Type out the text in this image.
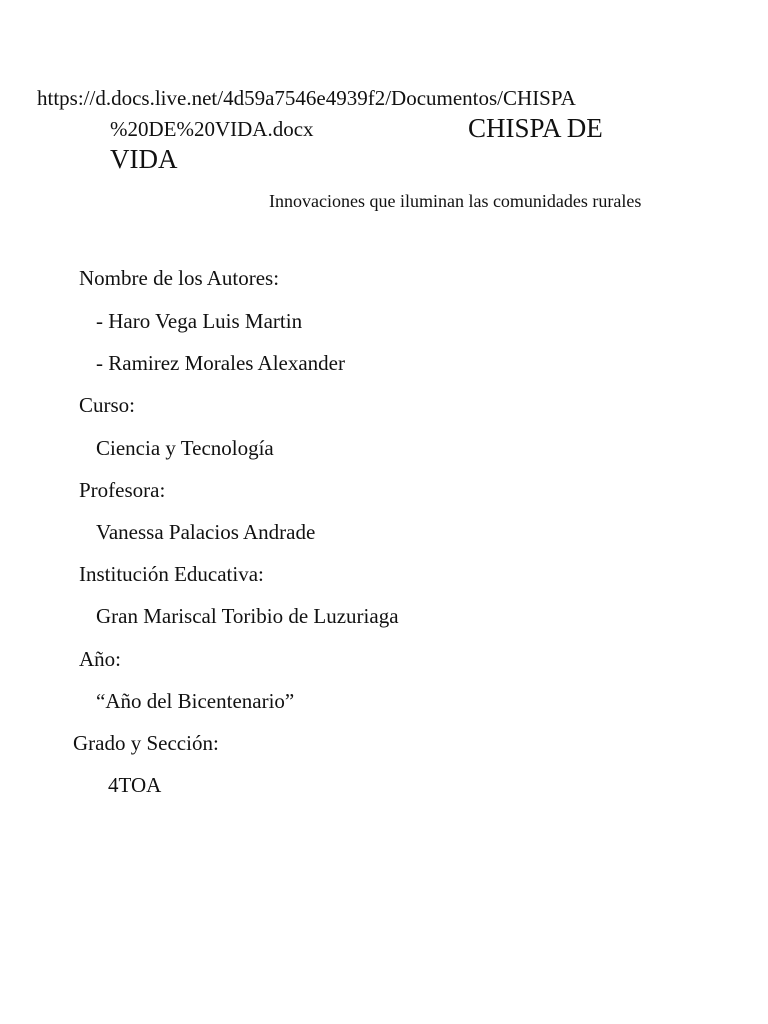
https://d.docs.live.net/4d59a7546e4939f2/Documentos/CHISPA
%20DE%20VIDA.docx	CHISPA DE
VIDA
Innovaciones que iluminan las comunidades rurales
Nombre de los Autores:
- Haro Vega Luis Martin
- Ramirez Morales Alexander
Curso:
Ciencia y Tecnología
Profesora:
Vanessa Palacios Andrade
Institución Educativa:
Gran Mariscal Toribio de Luzuriaga
Año:
“Año del Bicentenario”
Grado y Sección:
4TOA
